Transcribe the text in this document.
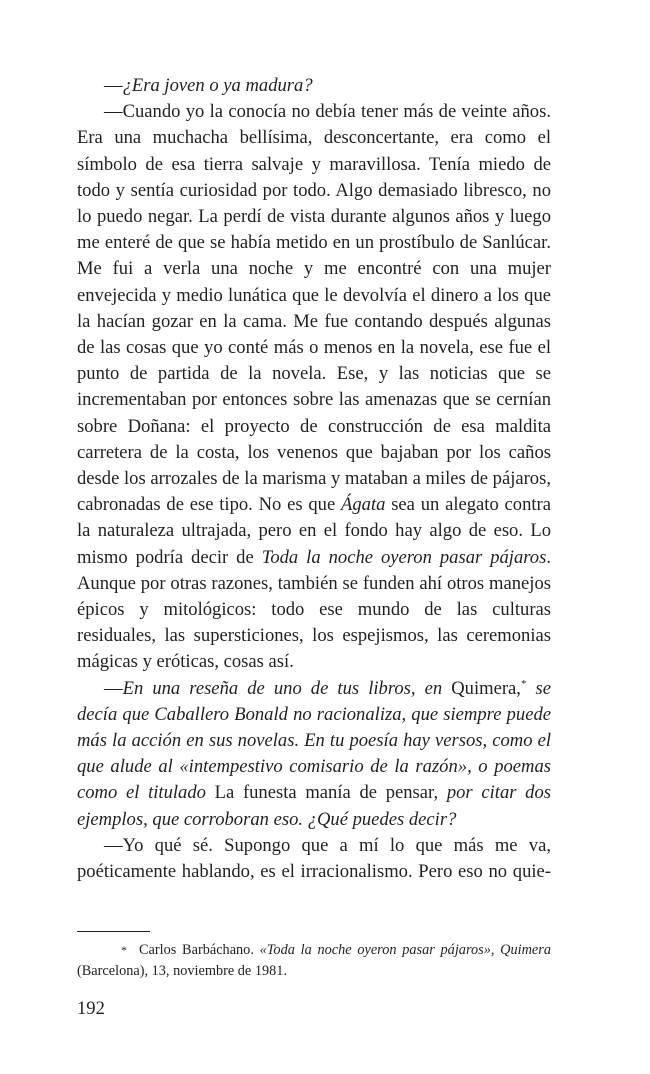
—¿Era joven o ya madura?

—Cuando yo la conocía no debía tener más de veinte años. Era una muchacha bellísima, desconcertante, era como el símbolo de esa tierra salvaje y maravillosa. Tenía miedo de todo y sentía curiosidad por todo. Algo demasiado libresco, no lo puedo negar. La perdí de vista durante algunos años y luego me enteré de que se había metido en un prostíbulo de Sanlúcar. Me fui a verla una noche y me encontré con una mujer envejecida y medio lunática que le devolvía el dinero a los que la hacían gozar en la cama. Me fue contando después algunas de las cosas que yo conté más o menos en la novela, ese fue el punto de partida de la novela. Ese, y las noticias que se incrementaban por entonces sobre las amenazas que se cernían sobre Doñana: el proyecto de construcción de esa maldita carretera de la costa, los venenos que bajaban por los caños desde los arrozales de la marisma y mataban a miles de pájaros, cabronadas de ese tipo. No es que Ágata sea un alegato contra la naturaleza ultrajada, pero en el fondo hay algo de eso. Lo mismo podría decir de Toda la noche oyeron pasar pájaros. Aunque por otras razones, también se funden ahí otros manejos épicos y mitológicos: todo ese mundo de las culturas residuales, las supersticiones, los espejismos, las ceremonias mágicas y eróticas, cosas así.

—En una reseña de uno de tus libros, en Quimera,* se decía que Caballero Bonald no racionaliza, que siempre puede más la acción en sus novelas. En tu poesía hay versos, como el que alude al «intempestivo comisario de la razón», o poemas como el titulado La funesta manía de pensar, por citar dos ejemplos, que corroboran eso. ¿Qué puedes decir?

—Yo qué sé. Supongo que a mí lo que más me va, poéticamente hablando, es el irracionalismo. Pero eso no quie-

* Carlos Barbáchano. «Toda la noche oyeron pasar pájaros», Quimera (Barcelona), 13, noviembre de 1981.

192
